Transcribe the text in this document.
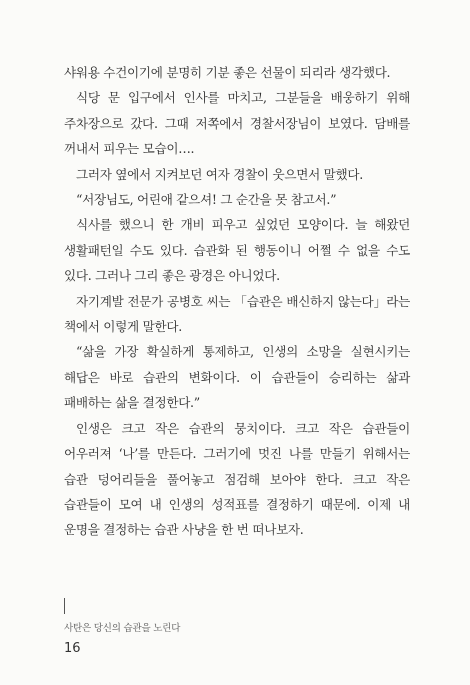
샤워용 수건이기에 분명히 기분 좋은 선물이 되리라 생각했다.

식당 문 입구에서 인사를 마치고, 그분들을 배웅하기 위해 주차장으로 갔다. 그때 저쪽에서 경찰서장님이 보였다. 담배를 꺼내서 피우는 모습이….

그러자 옆에서 지켜보던 여자 경찰이 웃으면서 말했다.

“서장님도, 어린애 같으셔! 그 순간을 못 참고서.”

식사를 했으니 한 개비 피우고 싶었던 모양이다. 늘 해왔던 생활패턴일 수도 있다. 습관화 된 행동이니 어쩔 수 없을 수도 있다. 그러나 그리 좋은 광경은 아니었다.

자기계발 전문가 공병호 씨는 「습관은 배신하지 않는다」라는 책에서 이렇게 말한다.

“삶을 가장 확실하게 통제하고, 인생의 소망을 실현시키는 해답은 바로 습관의 변화이다. 이 습관들이 승리하는 삶과 패배하는 삶을 결정한다.”

인생은 크고 작은 습관의 뭉치이다. 크고 작은 습관들이 어우러져 ‘나’를 만든다. 그러기에 멋진 나를 만들기 위해서는 습관 덩어리들을 풀어놓고 점검해 보아야 한다. 크고 작은 습관들이 모여 내 인생의 성적표를 결정하기 때문에. 이제 내 운명을 결정하는 습관 사냥을 한 번 떠나보자.

사탄은 당신의 습관을 노린다
16
